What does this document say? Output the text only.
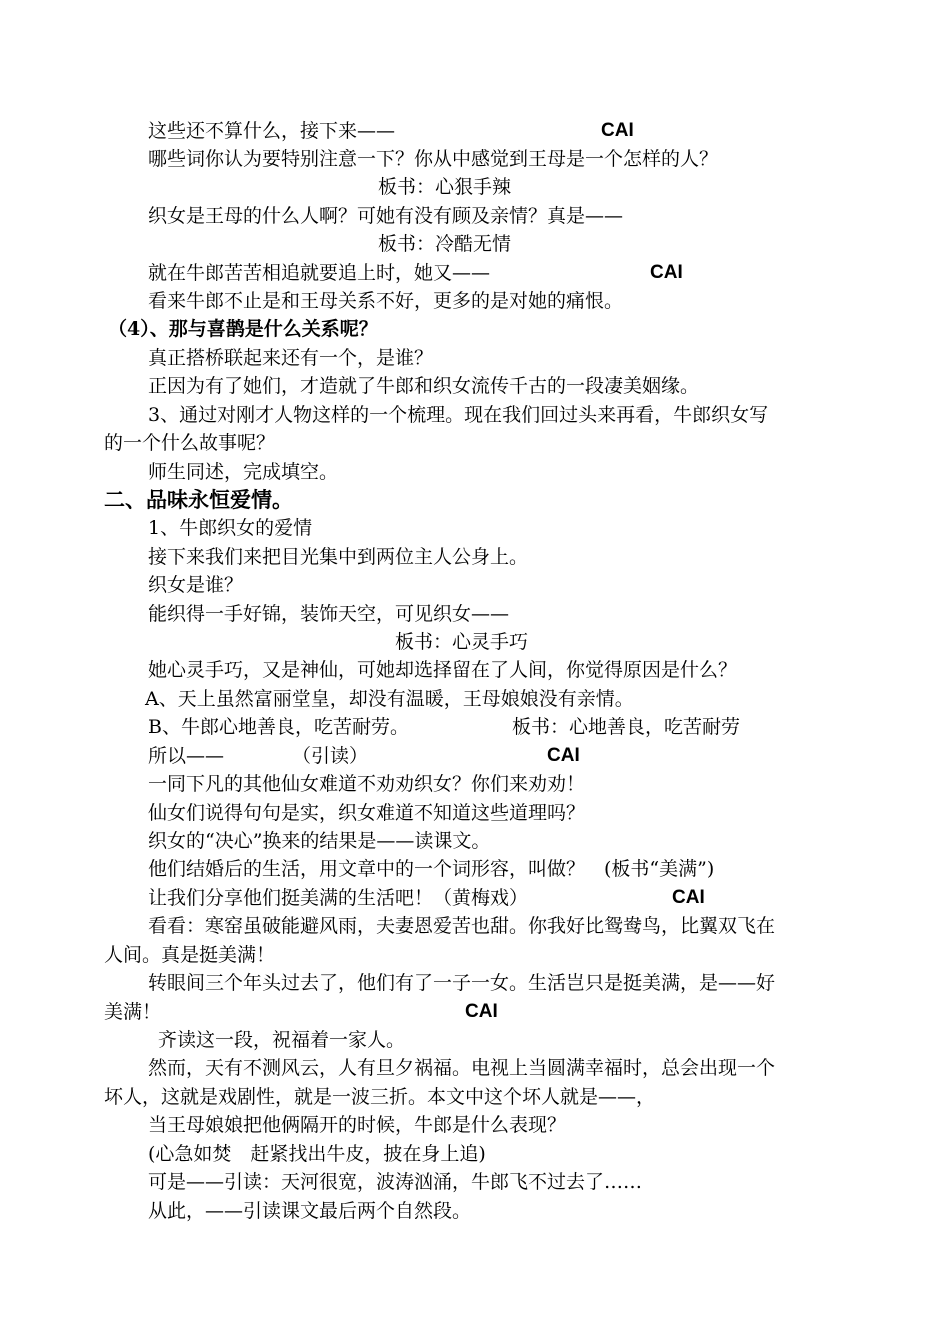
这些还不算什么，接下来——	CAI
哪些词你认为要特别注意一下？你从中感觉到王母是一个怎样的人？
板书：心狠手辣
织女是王母的什么人啊？可她有没有顾及亲情？真是——
板书：冷酷无情
就在牛郎苦苦相追就要追上时，她又——	CAI
看来牛郎不止是和王母关系不好，更多的是对她的痛恨。
（4）、那与喜鹊是什么关系呢？
真正搭桥联起来还有一个，是谁？
正因为有了她们，才造就了牛郎和织女流传千古的一段凄美姻缘。
3、通过对刚才人物这样的一个梳理。现在我们回过头来再看，牛郎织女写
的一个什么故事呢？
师生同述，完成填空。
二、品味永恒爱情。
1、牛郎织女的爱情
接下来我们来把目光集中到两位主人公身上。
织女是谁？
能织得一手好锦，装饰天空，可见织女——
板书：心灵手巧
她心灵手巧，又是神仙，可她却选择留在了人间，你觉得原因是什么？
A、天上虽然富丽堂皇，却没有温暖，王母娘娘没有亲情。
B、牛郎心地善良，吃苦耐劳。	板书：心地善良，吃苦耐劳
所以——	（引读）	CAI
一同下凡的其他仙女难道不劝劝织女？你们来劝劝！
仙女们说得句句是实，织女难道不知道这些道理吗？
织女的“决心”换来的结果是——读课文。
他们结婚后的生活，用文章中的一个词形容，叫做？　(板书“美满”)
让我们分享他们挺美满的生活吧！（黄梅戏）	CAI
看看：寒窑虽破能避风雨，夫妻恩爱苦也甜。你我好比鸳鸯鸟，比翼双飞在
人间。真是挺美满！
转眼间三个年头过去了，他们有了一子一女。生活岂只是挺美满，是——好
美满！	CAI
齐读这一段，祝福着一家人。
然而，天有不测风云，人有旦夕祸福。电视上当圆满幸福时，总会出现一个
坏人，这就是戏剧性，就是一波三折。本文中这个坏人就是——，
当王母娘娘把他俩隔开的时候，牛郎是什么表现？
(心急如焚　赶紧找出牛皮，披在身上追)
可是——引读：天河很宽，波涛汹涌，牛郎飞不过去了……
从此，——引读课文最后两个自然段。
